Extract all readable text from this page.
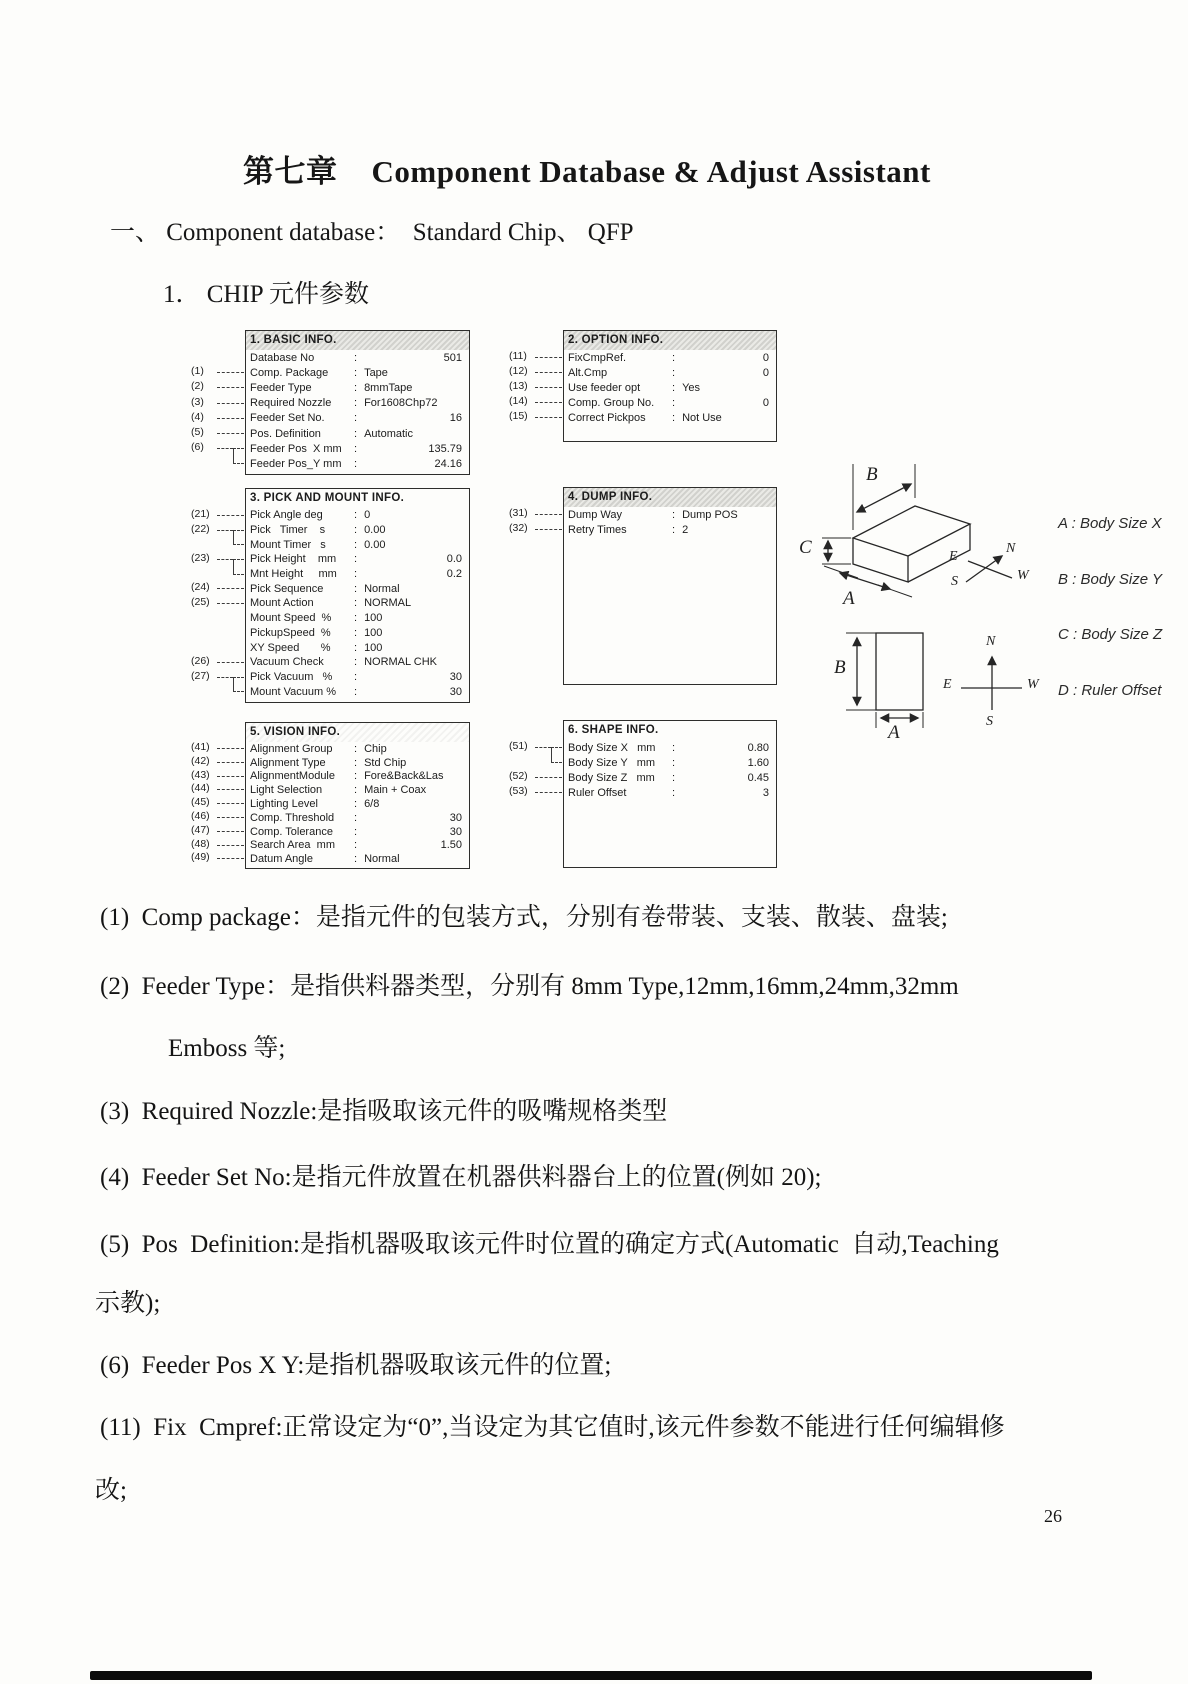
第七章 Component Database & Adjust Assistant
一、 Component database：  Standard Chip、 QFP
1． CHIP 元件参数
1. BASIC INFO.
Database No	:	501
Comp. Package	: Tape
Feeder Type	: 8mmTape
Required Nozzle	: For1608Chp72
Feeder Set No.	:	16
Pos. Definition	: Automatic
Feeder Pos  X mm	:	135.79
Feeder Pos_Y mm	:	24.16
2. OPTION INFO.
FixCmpRef.	:	0
Alt.Cmp	:	0
Use feeder opt	: Yes
Comp. Group No.	:	0
Correct Pickpos	: Not Use
3. PICK AND MOUNT INFO.
Pick Angle deg	: 0
Pick   Timer    s	: 0.00
Mount Timer   s	: 0.00
Pick Height    mm	:	0.0
Mnt Height     mm	:	0.2
Pick Sequence	: Normal
Mount Action	: NORMAL
Mount Speed  %	: 100
PickupSpeed  %	: 100
XY Speed       %	: 100
Vacuum Check	: NORMAL CHK
Pick Vacuum   %	:	30
Mount Vacuum %	:	30
4. DUMP INFO.
Dump Way	: Dump POS
Retry Times	: 2
5. VISION INFO.
Alignment Group	: Chip
Alignment Type	: Std Chip
AlignmentModule	: Fore&Back&Las
Light Selection	: Main + Coax
Lighting Level	: 6/8
Comp. Threshold	:	30
Comp. Tolerance	:	30
Search Area  mm	:	1.50
Datum Angle	: Normal
6. SHAPE INFO.
Body Size X   mm	:	0.80
Body Size Y   mm	:	1.60
Body Size Z   mm	:	0.45
Ruler Offset	:	3
B
C
A
N
E
W
S
B
A
N
E	W
S

A : Body Size X

B : Body Size Y

C : Body Size Z

D : Ruler Offset

(1)  Comp package：是指元件的包装方式，分别有卷带装、支装、散装、盘装;
(2)  Feeder Type：是指供料器类型，分别有 8mm Type,12mm,16mm,24mm,32mm
Emboss 等;
(3)  Required Nozzle:是指吸取该元件的吸嘴规格类型
(4)  Feeder Set No:是指元件放置在机器供料器台上的位置(例如 20);
(5)  Pos  Definition:是指机器吸取该元件时位置的确定方式(Automatic  自动,Teaching
示教);
(6)  Feeder Pos X Y:是指机器吸取该元件的位置;
(11)  Fix  Cmpref:正常设定为“0”,当设定为其它值时,该元件参数不能进行任何编辑修
改;
26
(1)
(2)
(3)
(4)
(5)
(6)
(11)
(12)
(13)
(14)
(15)
(21)
(22)
(23)
(24)
(25)
(26)
(27)
(31)
(32)
(41)
(42)
(43)
(44)
(45)
(46)
(47)
(48)
(49)
(51)
(52)
(53)
